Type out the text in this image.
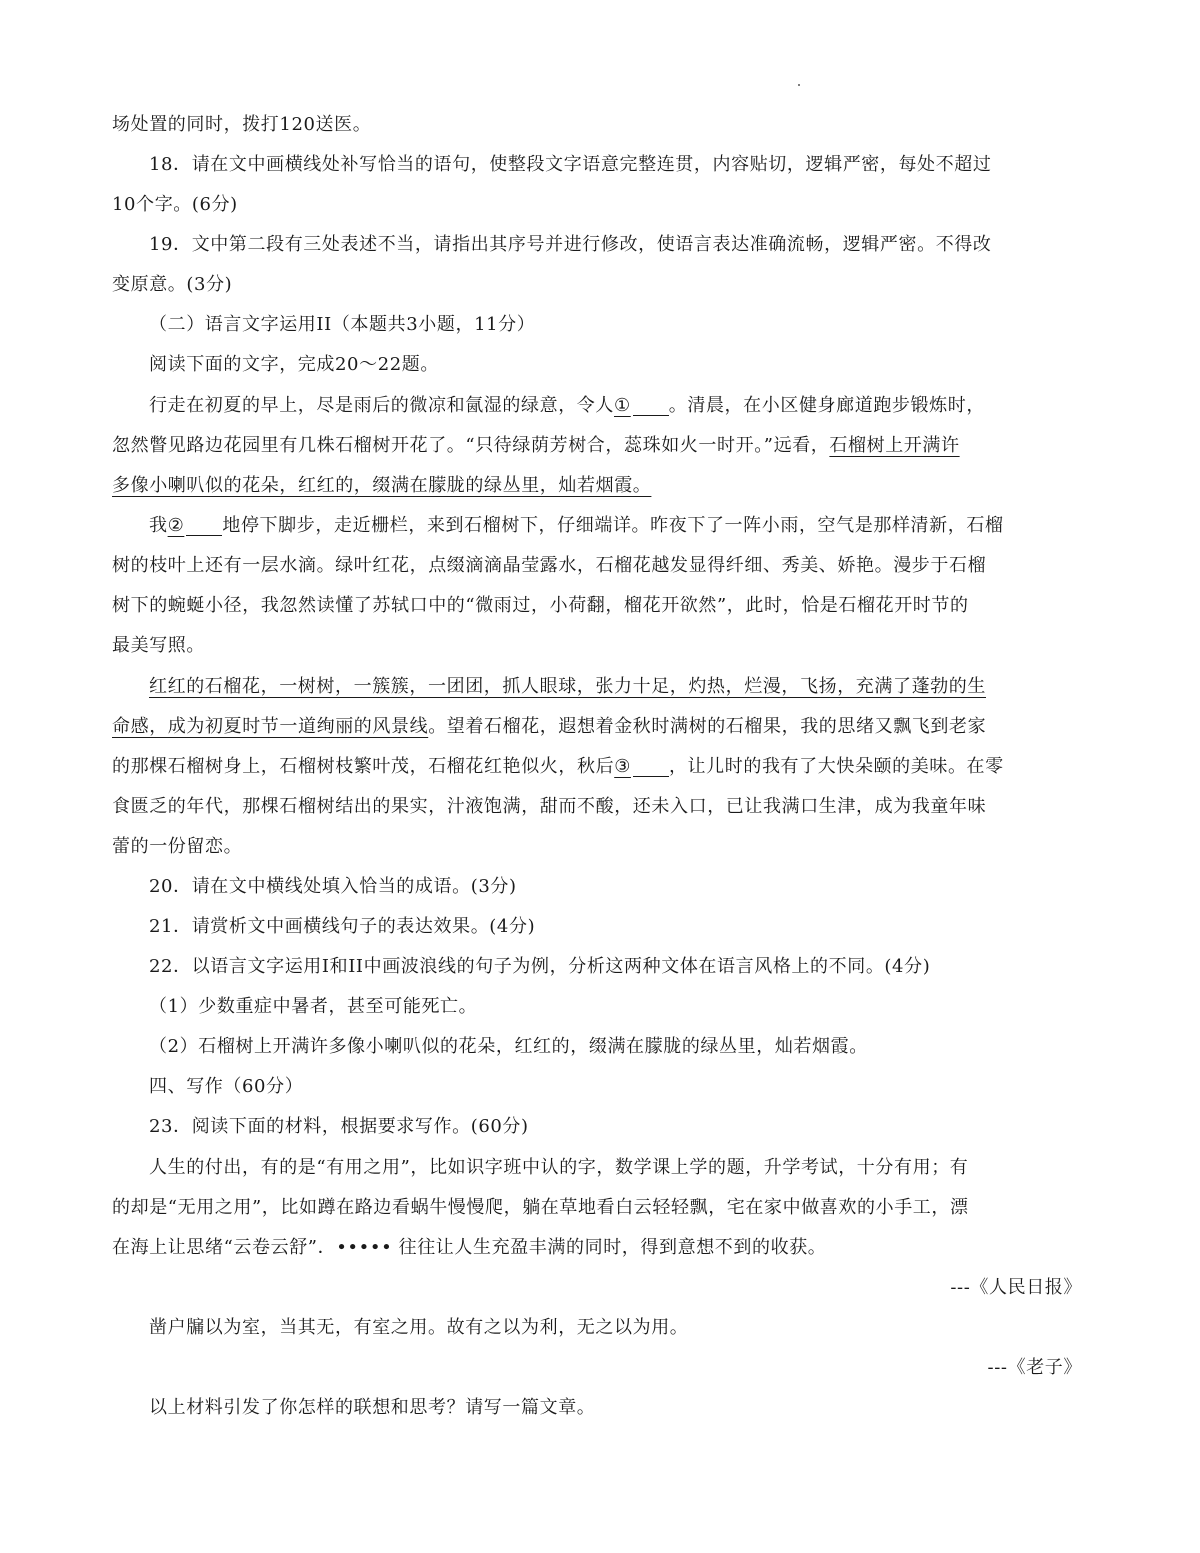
场处置的同时，拨打120送医。
18．请在文中画横线处补写恰当的语句，使整段文字语意完整连贯，内容贴切，逻辑严密，每处不超过
10个字。(6分)
19．文中第二段有三处表述不当，请指出其序号并进行修改，使语言表达准确流畅，逻辑严密。不得改
变原意。(3分)
（二）语言文字运用II（本题共3小题，11分）
阅读下面的文字，完成20～22题。
行走在初夏的早上，尽是雨后的微凉和氤湿的绿意，令人① 。清晨，在小区健身廊道跑步锻炼时，
忽然瞥见路边花园里有几株石榴树开花了。“只待绿荫芳树合，蕊珠如火一时开。”远看，石榴树上开满许
多像小喇叭似的花朵，红红的，缀满在朦胧的绿丛里，灿若烟霞。
我② 地停下脚步，走近栅栏，来到石榴树下，仔细端详。昨夜下了一阵小雨，空气是那样清新，石榴
树的枝叶上还有一层水滴。绿叶红花，点缀滴滴晶莹露水，石榴花越发显得纤细、秀美、娇艳。漫步于石榴
树下的蜿蜒小径，我忽然读懂了苏轼口中的“微雨过，小荷翻，榴花开欲然”，此时，恰是石榴花开时节的
最美写照。
红红的石榴花，一树树，一簇簇，一团团，抓人眼球，张力十足，灼热，烂漫，飞扬，充满了蓬勃的生
命感，成为初夏时节一道绚丽的风景线。望着石榴花，遐想着金秋时满树的石榴果，我的思绪又飘飞到老家
的那棵石榴树身上，石榴树枝繁叶茂，石榴花红艳似火，秋后③ ，让儿时的我有了大快朵颐的美味。在零
食匮乏的年代，那棵石榴树结出的果实，汁液饱满，甜而不酸，还未入口，已让我满口生津，成为我童年味
蕾的一份留恋。
20．请在文中横线处填入恰当的成语。(3分)
21．请赏析文中画横线句子的表达效果。(4分)
22．以语言文字运用I和II中画波浪线的句子为例，分析这两种文体在语言风格上的不同。(4分)
（1）少数重症中暑者，甚至可能死亡。
（2）石榴树上开满许多像小喇叭似的花朵，红红的，缀满在朦胧的绿丛里，灿若烟霞。
四、写作（60分）
23．阅读下面的材料，根据要求写作。(60分)
人生的付出，有的是“有用之用”，比如识字班中认的字，数学课上学的题，升学考试，十分有用；有
的却是“无用之用”，比如蹲在路边看蜗牛慢慢爬，躺在草地看白云轻轻飘，宅在家中做喜欢的小手工，漂
在海上让思绪“云卷云舒”．••••• 往往让人生充盈丰满的同时，得到意想不到的收获。
---《人民日报》
凿户牖以为室，当其无，有室之用。故有之以为利，无之以为用。
---《老子》
以上材料引发了你怎样的联想和思考？请写一篇文章。
